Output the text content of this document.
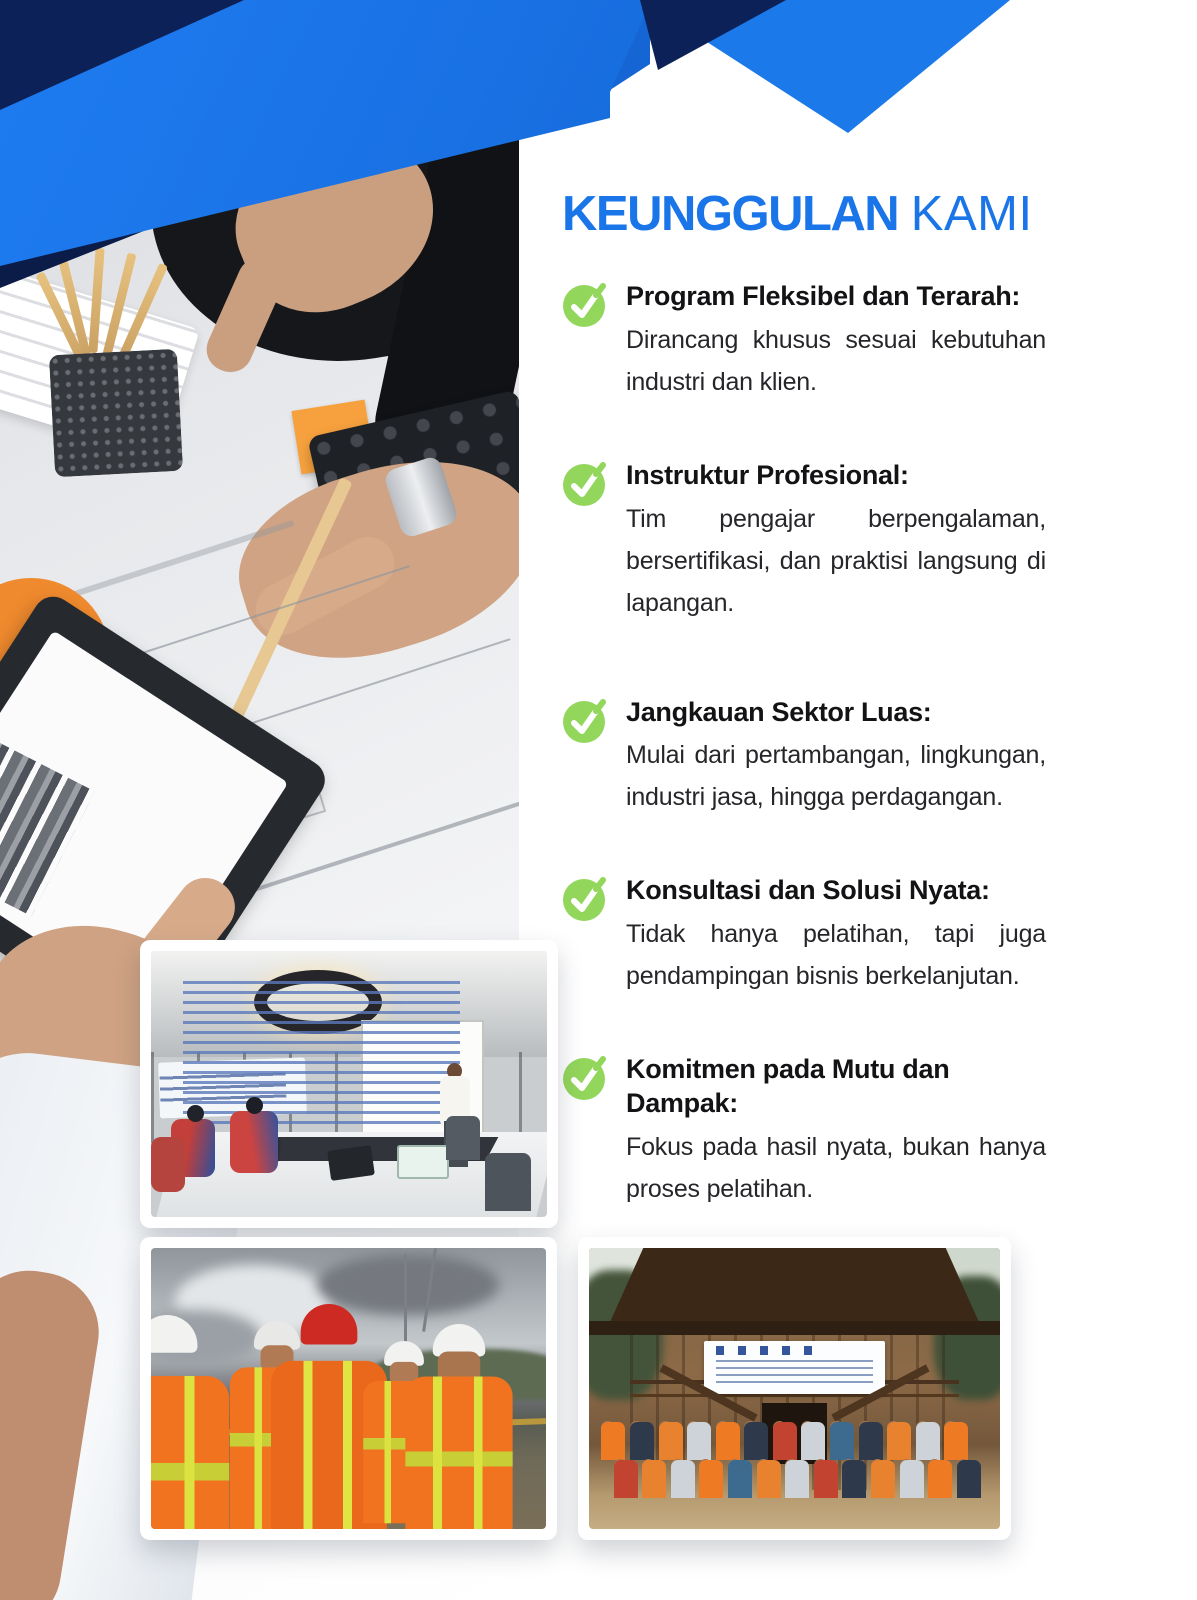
KEUNGGULAN KAMI
Program Fleksibel dan Terarah:
Dirancang khusus sesuai kebutuhan industri dan klien.
Instruktur Profesional:
Tim pengajar berpengalaman, bersertifikasi, dan praktisi langsung di lapangan.
Jangkauan Sektor Luas:
Mulai dari pertambangan, lingkungan, industri jasa, hingga perdagangan.
Konsultasi dan Solusi Nyata:
Tidak hanya pelatihan, tapi juga pendampingan bisnis berkelanjutan.
Komitmen pada Mutu dan Dampak:
Fokus pada hasil nyata, bukan hanya proses pelatihan.
